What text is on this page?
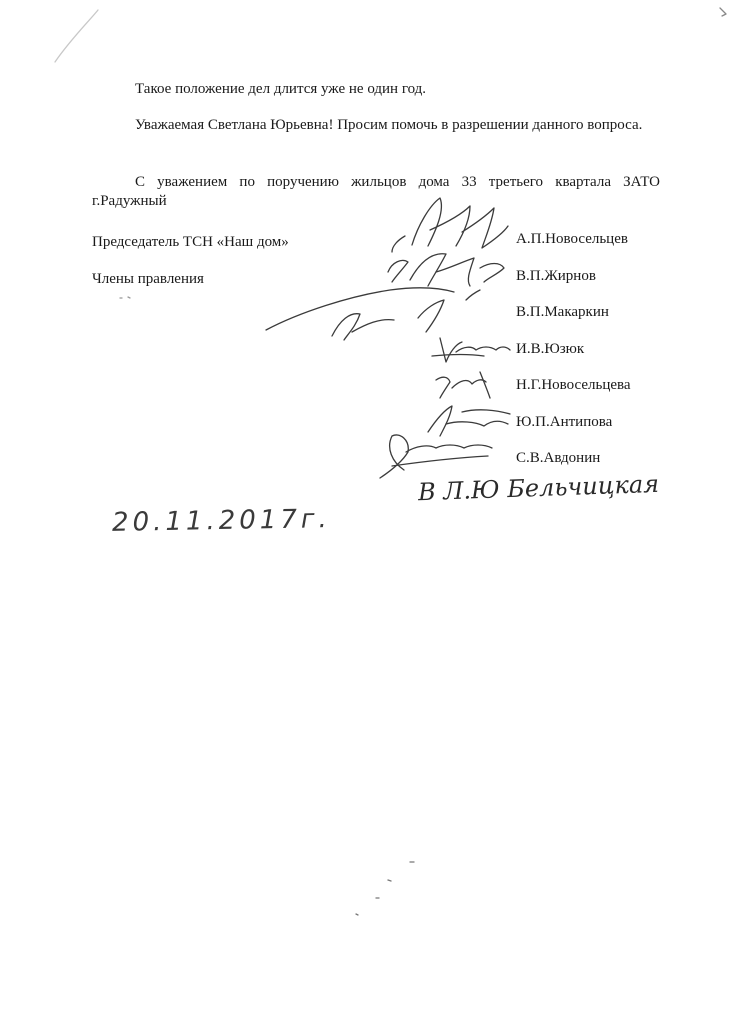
Такое положение дел длится уже не один год.
Уважаемая Светлана Юрьевна! Просим помочь в разрешении данного вопроса.
С уважением по поручению жильцов дома 33 третьего квартала ЗАТО г.Радужный
Председатель ТСН «Наш дом»
Члены правления
А.П.Новосельцев
В.П.Жирнов
В.П.Макаркин
И.В.Юзюк
Н.Г.Новосельцева
Ю.П.Антипова
С.В.Авдонин
В Л.Ю Бельчицкая
20.11.2017г.
